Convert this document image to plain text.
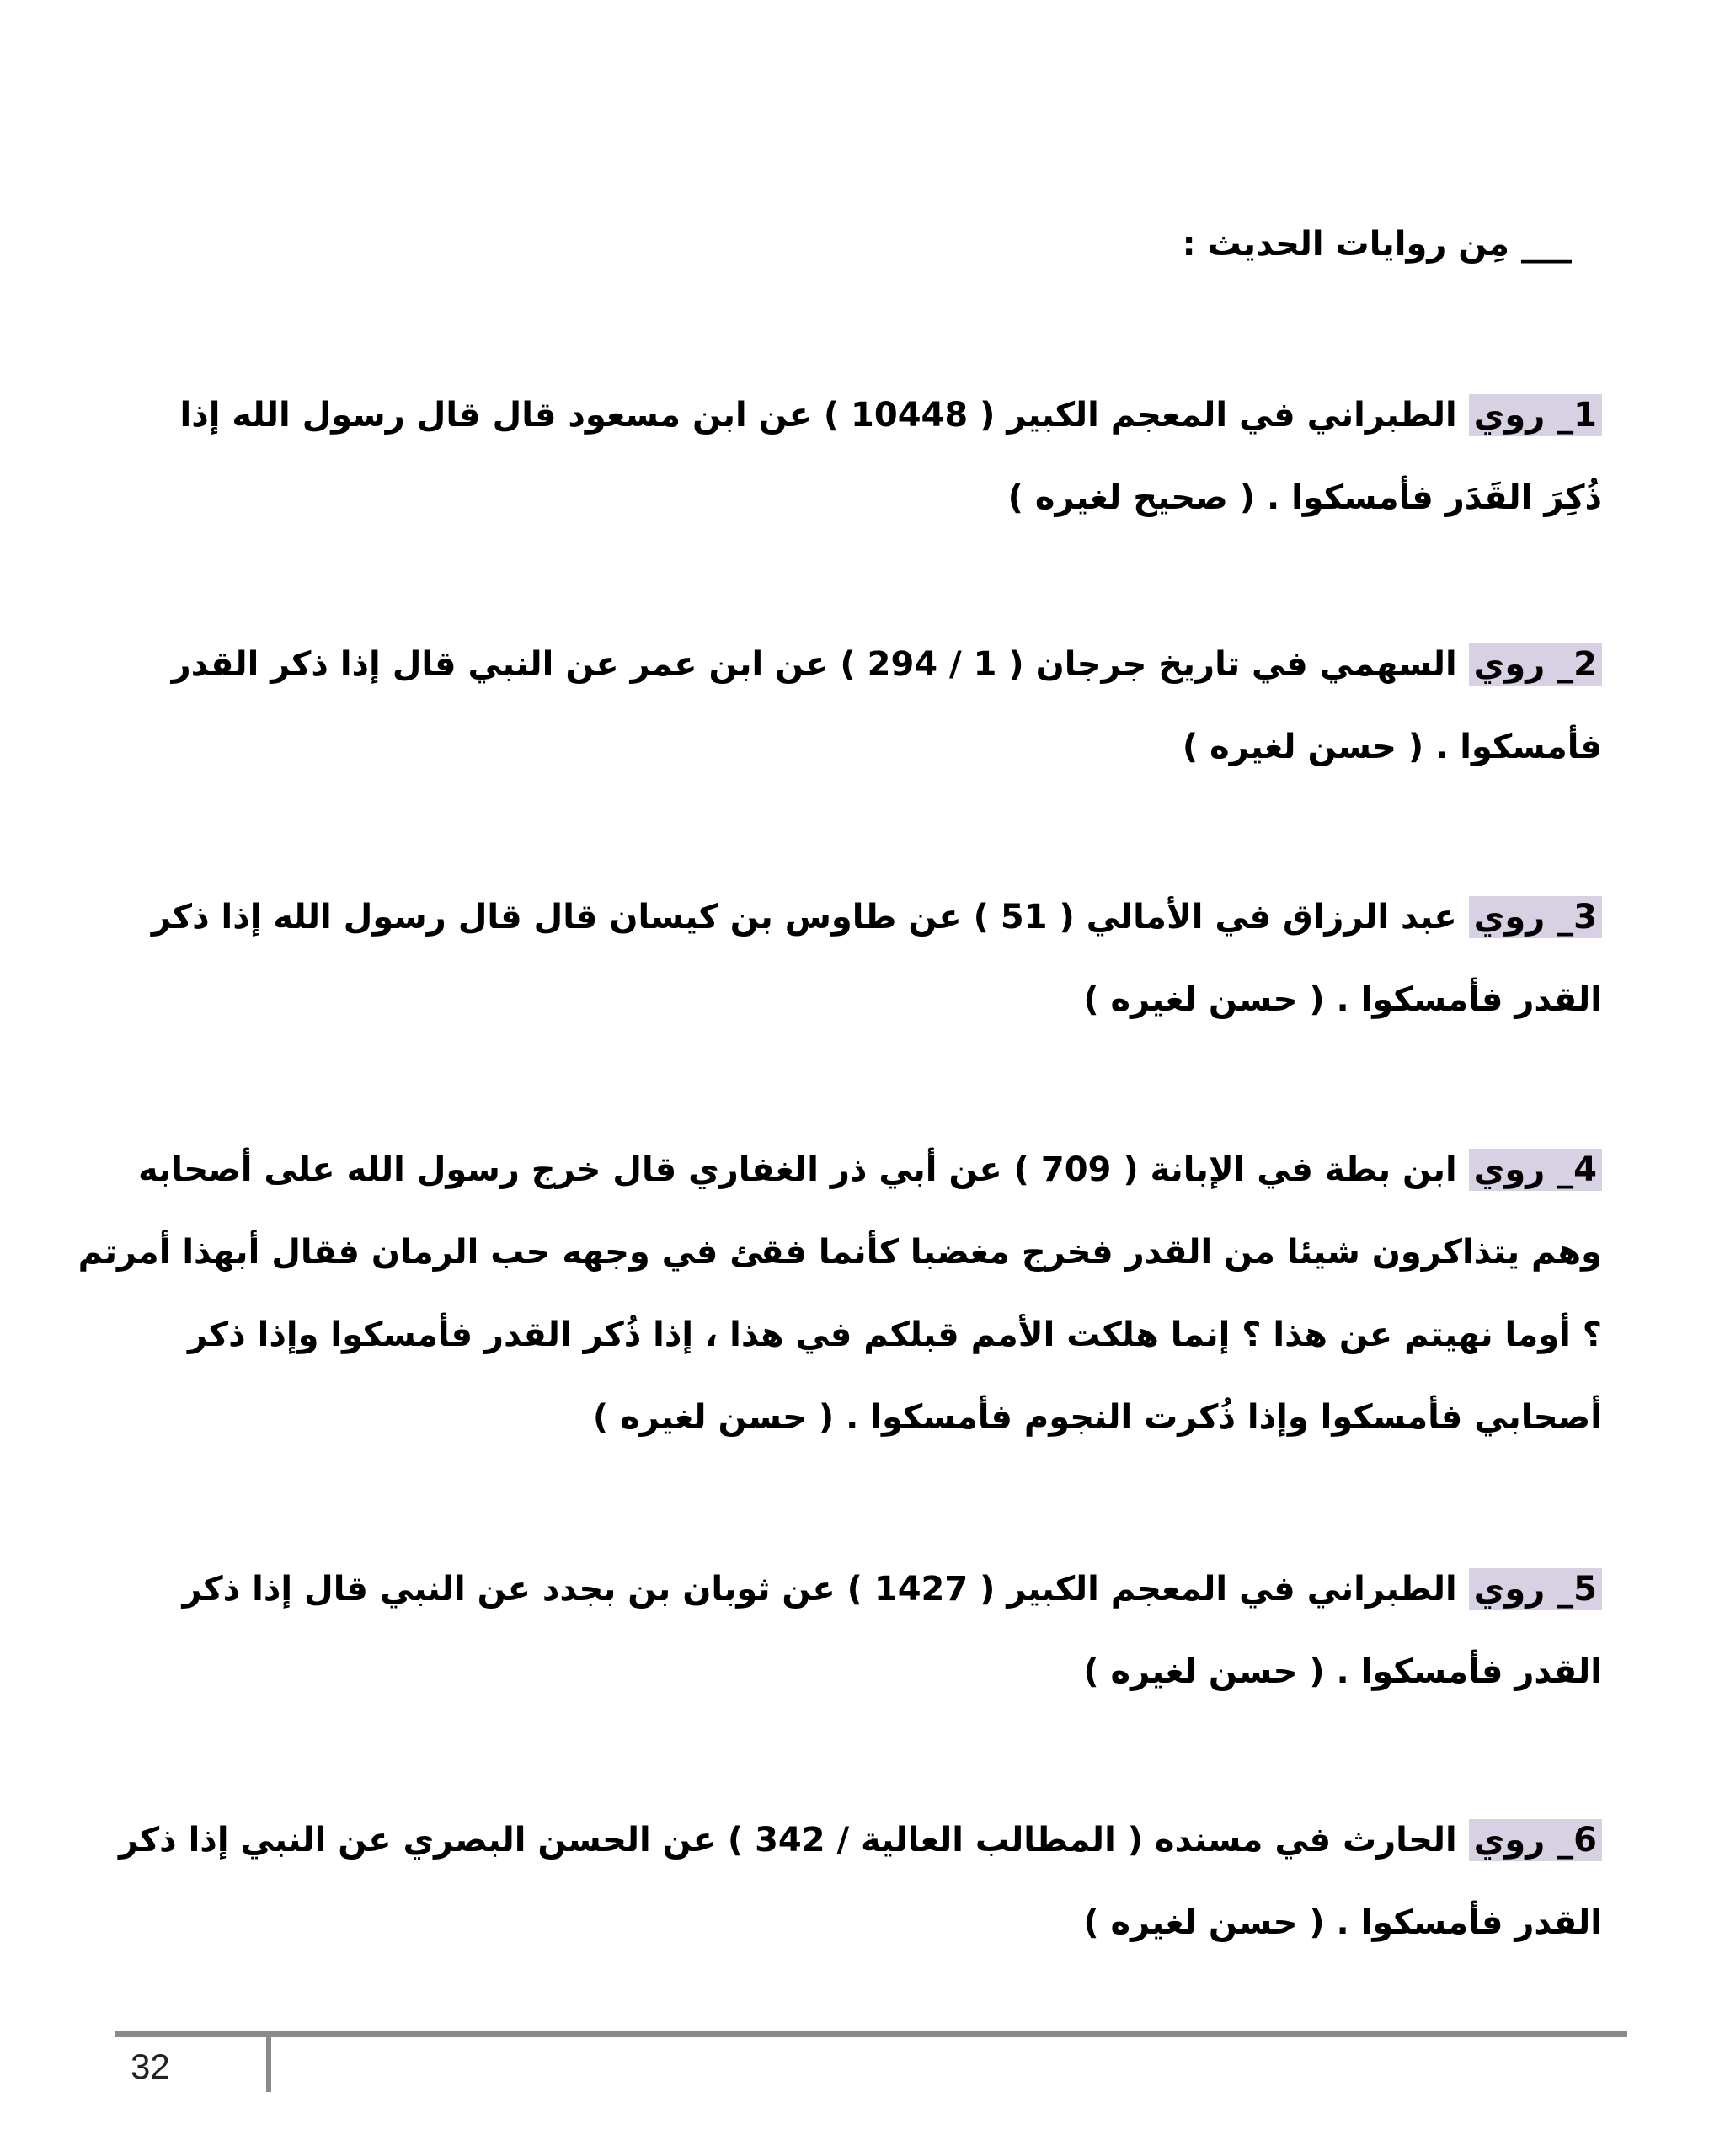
___ مِن روايات الحديث :

1_ روي الطبراني في المعجم الكبير ( 10448 ) عن ابن مسعود قال قال رسول الله إذا ذُكِرَ القَدَر فأمسكوا . ( صحيح لغيره )

2_ روي السهمي في تاريخ جرجان ( 1 / 294 ) عن ابن عمر عن النبي قال إذا ذكر القدر فأمسكوا . ( حسن لغيره )

3_ روي عبد الرزاق في الأمالي ( 51 ) عن طاوس بن كيسان قال قال رسول الله إذا ذكر القدر فأمسكوا . ( حسن لغيره )

4_ روي ابن بطة في الإبانة ( 709 ) عن أبي ذر الغفاري قال خرج رسول الله على أصحابه وهم يتذاكرون شيئا من القدر فخرج مغضبا كأنما فقئ في وجهه حب الرمان فقال أبهذا أمرتم ؟ أوما نهيتم عن هذا ؟ إنما هلكت الأمم قبلكم في هذا ، إذا ذُكر القدر فأمسكوا وإذا ذكر أصحابي فأمسكوا وإذا ذُكرت النجوم فأمسكوا . ( حسن لغيره )

5_ روي الطبراني في المعجم الكبير ( 1427 ) عن ثوبان بن بجدد عن النبي قال إذا ذكر القدر فأمسكوا . ( حسن لغيره )

6_ روي الحارث في مسنده ( المطالب العالية / 342 ) عن الحسن البصري عن النبي إذا ذكر القدر فأمسكوا . ( حسن لغيره )

32
